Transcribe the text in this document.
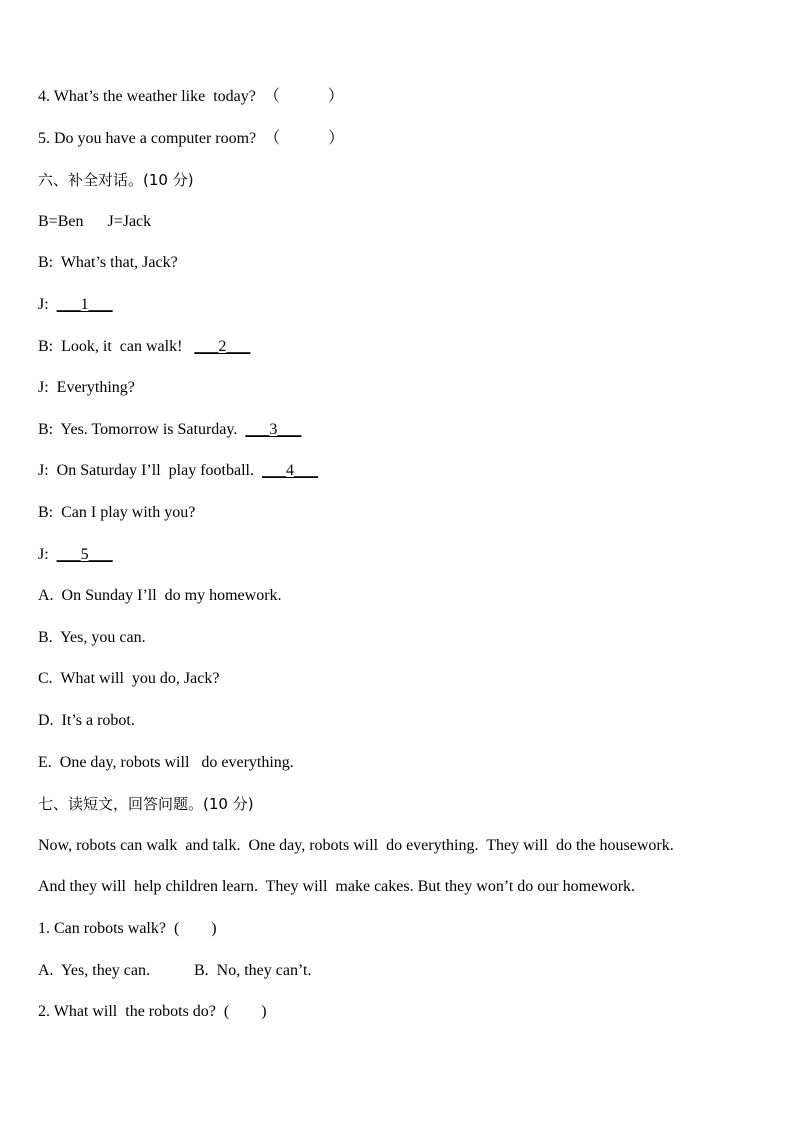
4. What’s the weather like  today?  （            ）
5. Do you have a computer room?  （            ）
六、补全对话。(10 分)
B=Ben      J=Jack
B:  What’s that, Jack?
J:  ___1___
B:  Look, it  can walk!   ___2___
J:  Everything?
B:  Yes. Tomorrow is Saturday.  ___3___
J:  On Saturday I’ll  play football.  ___4___
B:  Can I play with you?
J:  ___5___
A.  On Sunday I’ll  do my homework.
B.  Yes, you can.
C.  What will  you do, Jack?
D.  It’s a robot.
E.  One day, robots will   do everything.
七、读短文，回答问题。(10 分)
Now, robots can walk  and talk.  One day, robots will  do everything.  They will  do the housework.
And they will  help children learn.  They will  make cakes. But they won’t do our homework.
1. Can robots walk?  (        )
A.  Yes, they can.	B.  No, they can’t.
2. What will  the robots do?  (        )
